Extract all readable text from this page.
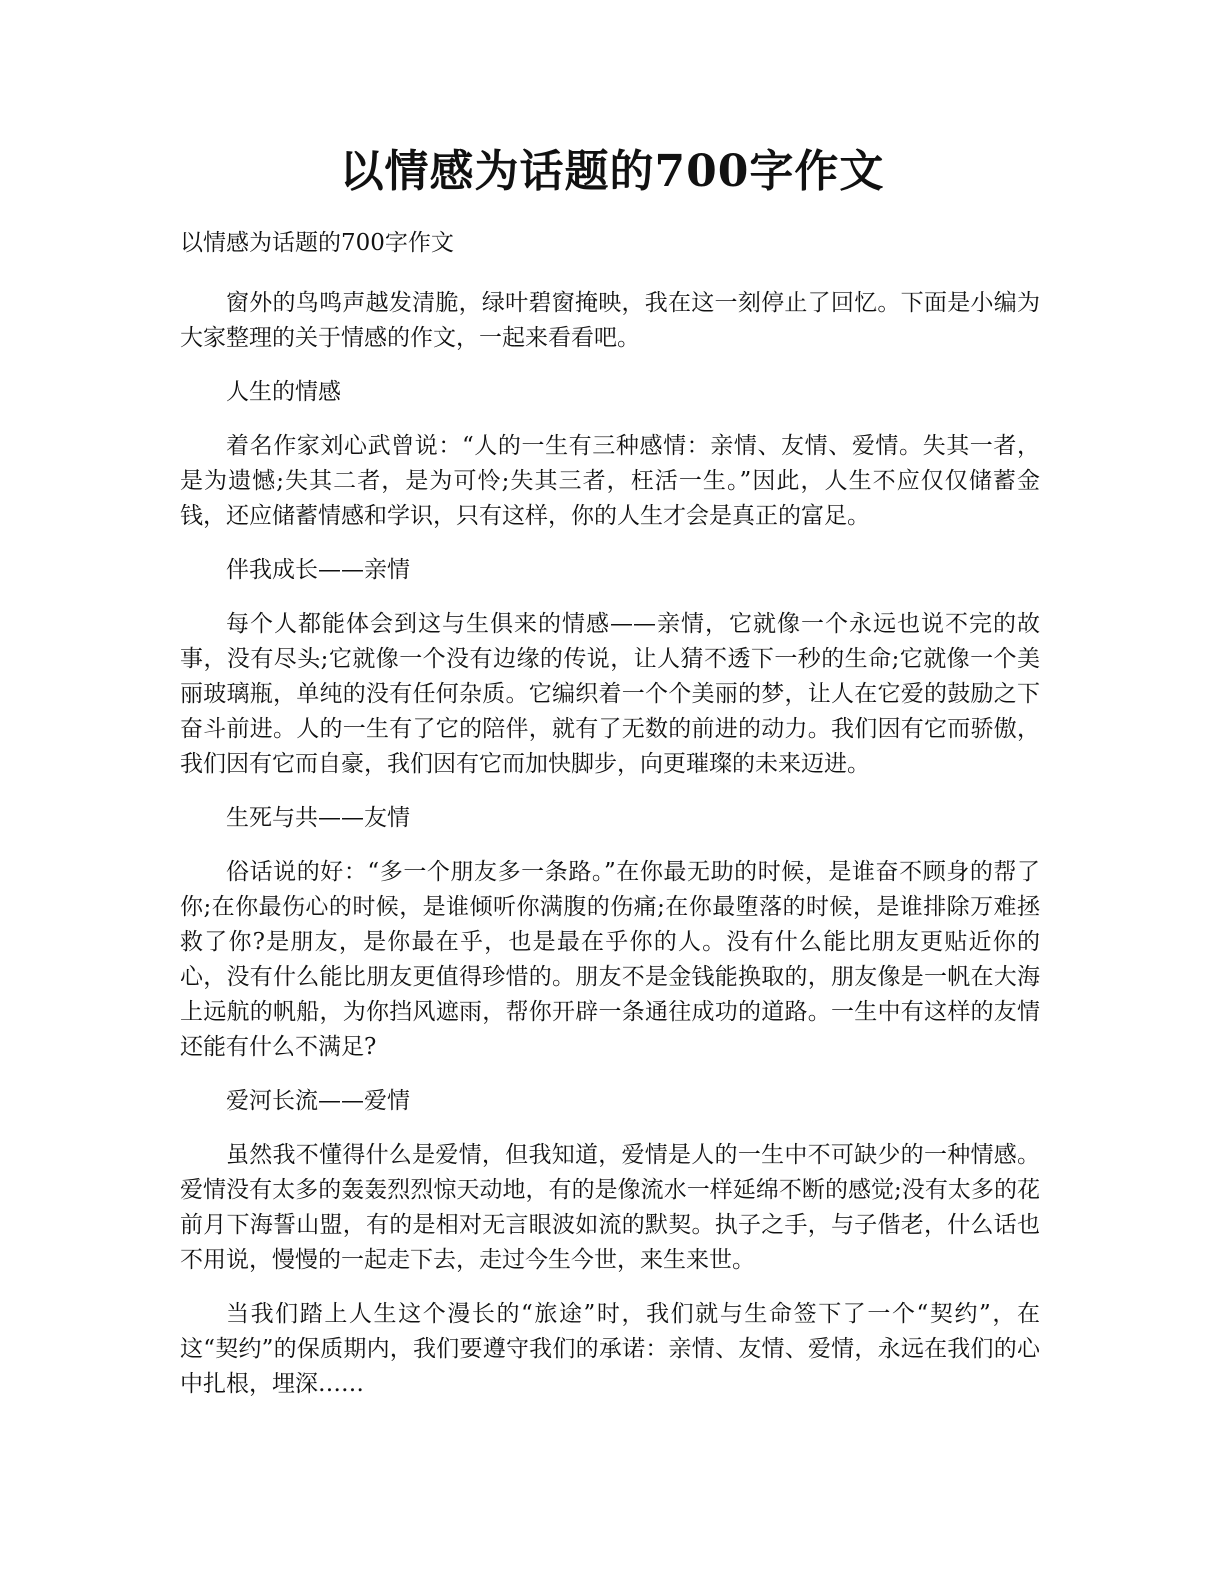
以情感为话题的700字作文

以情感为话题的700字作文

窗外的鸟鸣声越发清脆，绿叶碧窗掩映，我在这一刻停止了回忆。下面是小编为大家整理的关于情感的作文，一起来看看吧。

人生的情感

着名作家刘心武曾说：“人的一生有三种感情：亲情、友情、爱情。失其一者，是为遗憾;失其二者，是为可怜;失其三者，枉活一生。”因此，人生不应仅仅储蓄金钱，还应储蓄情感和学识，只有这样，你的人生才会是真正的富足。

伴我成长——亲情

每个人都能体会到这与生俱来的情感——亲情，它就像一个永远也说不完的故事，没有尽头;它就像一个没有边缘的传说，让人猜不透下一秒的生命;它就像一个美丽玻璃瓶，单纯的没有任何杂质。它编织着一个个美丽的梦，让人在它爱的鼓励之下奋斗前进。人的一生有了它的陪伴，就有了无数的前进的动力。我们因有它而骄傲，我们因有它而自豪，我们因有它而加快脚步，向更璀璨的未来迈进。

生死与共——友情

俗话说的好：“多一个朋友多一条路。”在你最无助的时候，是谁奋不顾身的帮了你;在你最伤心的时候，是谁倾听你满腹的伤痛;在你最堕落的时候，是谁排除万难拯救了你?是朋友，是你最在乎，也是最在乎你的人。没有什么能比朋友更贴近你的心，没有什么能比朋友更值得珍惜的。朋友不是金钱能换取的，朋友像是一帆在大海上远航的帆船，为你挡风遮雨，帮你开辟一条通往成功的道路。一生中有这样的友情还能有什么不满足?

爱河长流——爱情

虽然我不懂得什么是爱情，但我知道，爱情是人的一生中不可缺少的一种情感。爱情没有太多的轰轰烈烈惊天动地，有的是像流水一样延绵不断的感觉;没有太多的花前月下海誓山盟，有的是相对无言眼波如流的默契。执子之手，与子偕老，什么话也不用说，慢慢的一起走下去，走过今生今世，来生来世。

当我们踏上人生这个漫长的“旅途”时，我们就与生命签下了一个“契约”，在这“契约”的保质期内，我们要遵守我们的承诺：亲情、友情、爱情，永远在我们的心中扎根，埋深……
